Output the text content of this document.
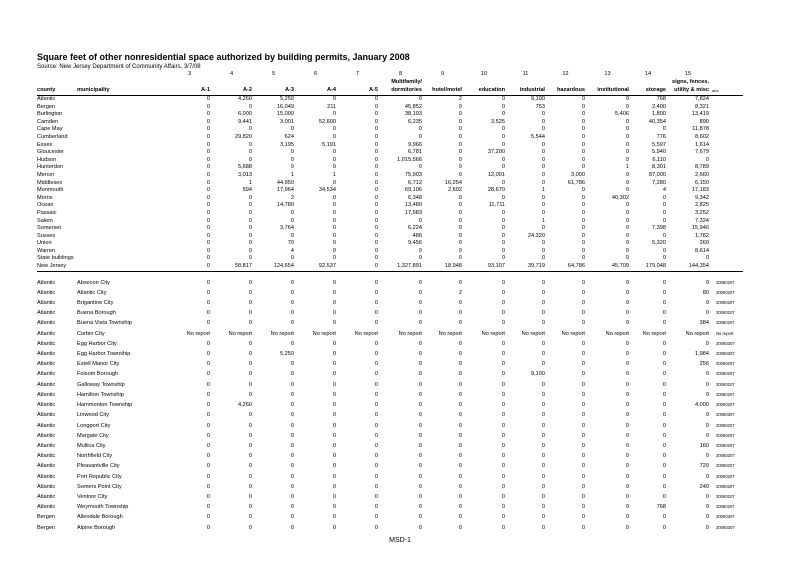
Square feet of other nonresidential space authorized by building permits, January 2008
Source: New Jersey Department of Community Affairs, 3/7/08
		3	4	5	6	7	8	9	10	11	12	13	14	15	
							Multifamily/							signs, fences,	
county	municipality	A-1	A-2	A-3	A-4	A-5	dormitories	hotel/motel	education	industrial	hazardous	institutional	storage	utility & misc	abs
Atlantic		0	4,260	5,250	0	0	0	2	0	9,100	0	0	768	7,824	
Bergen		0	0	16,049	211	0	45,852	0	0	753	0	0	2,400	8,321	
Burlington		0	6,000	15,000	0	0	38,193	0	0	0	0	5,406	1,800	13,419	
Camden		0	9,441	3,001	52,600	0	6,235	0	3,525	0	0	0	40,354	890	
Cape May		0	0	0	0	0	0	0	0	0	0	0	0	11,878	
Cumberland		0	29,820	624	0	0	0	0	0	5,544	0	0	776	8,602	
Essex		0	0	3,195	5,191	0	9,966	0	0	0	0	0	5,597	1,614	
Gloucester		0	0	0	0	0	6,781	0	37,200	0	0	0	5,940	7,679	
Hudson		0	0	0	0	0	1,015,566	0	0	0	0	0	6,110	0	
Hunterdon		0	5,688	0	0	0	0	0	0	0	0	1	8,301	8,789	
Mercer		0	3,013	1	1	0	75,903	0	12,001	0	3,000	0	87,000	2,660	
Middlesex		0	1	44,950	0	0	6,712	16,254	0	0	61,786	0	7,280	6,150	
Monmouth		0	594	17,964	34,534	0	69,106	2,692	28,670	1	0	0	4	17,183	
Morris		0	0	2	0	0	6,348	0	0	0	0	40,302	0	9,342	
Ocean		0	0	14,780	0	0	13,480	0	11,711	0	0	0	0	2,825	
Passaic		0	0	0	0	0	17,583	0	0	0	0	0	0	3,252	
Salem		0	0	0	0	0	0	0	0	1	0	0	0	7,324	
Somerset		0	0	3,764	0	0	6,224	0	0	0	0	0	7,398	15,946	
Sussex		0	0	0	0	0	486	0	0	24,320	0	0	0	1,782	
Union		0	0	70	0	0	9,456	0	0	0	0	0	5,320	260	
Warren		0	0	4	0	0	0	0	0	0	0	0	0	8,614	
State buildings		0	0	0	0	0	0	0	0	0	0	0	0	0	
New Jersey		0	58,817	124,654	92,537	0	1,327,891	18,948	93,107	39,719	64,786	45,709	179,048	144,354	

Atlantic	Absecon City	0	0	0	0	0	0	0	0	0	0	0	0	0	20080207
Atlantic	Atlantic City	0	0	0	0	0	0	2	0	0	0	0	0	80	20080207
Atlantic	Brigantine City	0	0	0	0	0	0	0	0	0	0	0	0	0	20080207
Atlantic	Buena Borough	0	0	0	0	0	0	0	0	0	0	0	0	0	20080207
Atlantic	Buena Vista Township	0	0	0	0	0	0	0	0	0	0	0	0	384	20080207
Atlantic	Corbin City	No report	No report	No report	No report	No report	No report	No report	No report	No report	No report	No report	No report	No report	No report
Atlantic	Egg Harbor City	0	0	0	0	0	0	0	0	0	0	0	0	0	20080307
Atlantic	Egg Harbor Township	0	0	5,250	0	0	0	0	0	0	0	0	0	1,984	20080307
Atlantic	Estell Manor City	0	0	0	0	0	0	0	0	0	0	0	0	256	20080207
Atlantic	Folsom Borough	0	0	0	0	0	0	0	0	9,100	0	0	0	0	20080207
Atlantic	Galloway Township	0	0	0	0	0	0	0	0	0	0	0	0	0	20080207
Atlantic	Hamilton Township	0	0	0	0	0	0	0	0	0	0	0	0	0	20080207
Atlantic	Hammonton Township	0	4,260	0	0	0	0	0	0	0	0	0	0	4,000	20080207
Atlantic	Linwood City	0	0	0	0	0	0	0	0	0	0	0	0	0	20080307
Atlantic	Longport City	0	0	0	0	0	0	0	0	0	0	0	0	0	20080207
Atlantic	Margate City	0	0	0	0	0	0	0	0	0	0	0	0	0	20080207
Atlantic	Mullica City	0	0	0	0	0	0	0	0	0	0	0	0	160	20080207
Atlantic	Northfield City	0	0	0	0	0	0	0	0	0	0	0	0	0	20080207
Atlantic	Pleasantville City	0	0	0	0	0	0	0	0	0	0	0	0	720	20080207
Atlantic	Port Republic City	0	0	0	0	0	0	0	0	0	0	0	0	0	20080207
Atlantic	Somers Point City	0	0	0	0	0	0	0	0	0	0	0	0	240	20080207
Atlantic	Ventnor City	0	0	0	0	0	0	0	0	0	0	0	0	0	20080207
Atlantic	Weymouth Township	0	0	0	0	0	0	0	0	0	0	0	768	0	20080207
Bergen	Allendale Borough	0	0	0	0	0	0	0	0	0	0	0	0	0	20080307
Bergen	Alpine Borough	0	0	0	0	0	0	0	0	0	0	0	0	0	20080307
MSD-1
